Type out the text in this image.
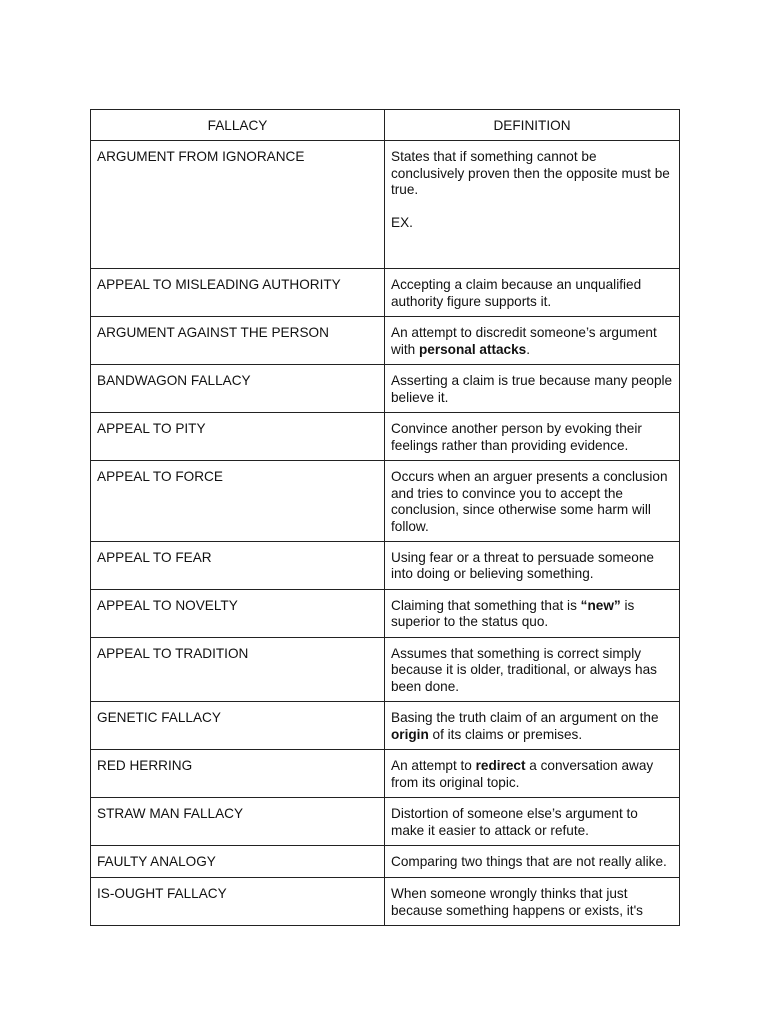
FALLACY	DEFINITION
ARGUMENT FROM IGNORANCE	States that if something cannot be conclusively proven then the opposite must be true.
EX.

APPEAL TO MISLEADING AUTHORITY	Accepting a claim because an unqualified authority figure supports it.
ARGUMENT AGAINST THE PERSON	An attempt to discredit someone’s argument with personal attacks.
BANDWAGON FALLACY	Asserting a claim is true because many people believe it.
APPEAL TO PITY	Convince another person by evoking their feelings rather than providing evidence.
APPEAL TO FORCE	Occurs when an arguer presents a conclusion and tries to convince you to accept the conclusion, since otherwise some harm will follow.
APPEAL TO FEAR	Using fear or a threat to persuade someone into doing or believing something.
APPEAL TO NOVELTY	Claiming that something that is “new” is superior to the status quo.
APPEAL TO TRADITION	Assumes that something is correct simply because it is older, traditional, or always has been done.
GENETIC FALLACY	Basing the truth claim of an argument on the origin of its claims or premises.
RED HERRING	An attempt to redirect a conversation away from its original topic.
STRAW MAN FALLACY	Distortion of someone else’s argument to make it easier to attack or refute.
FAULTY ANALOGY	Comparing two things that are not really alike.
IS-OUGHT FALLACY	When someone wrongly thinks that just because something happens or exists, it's
